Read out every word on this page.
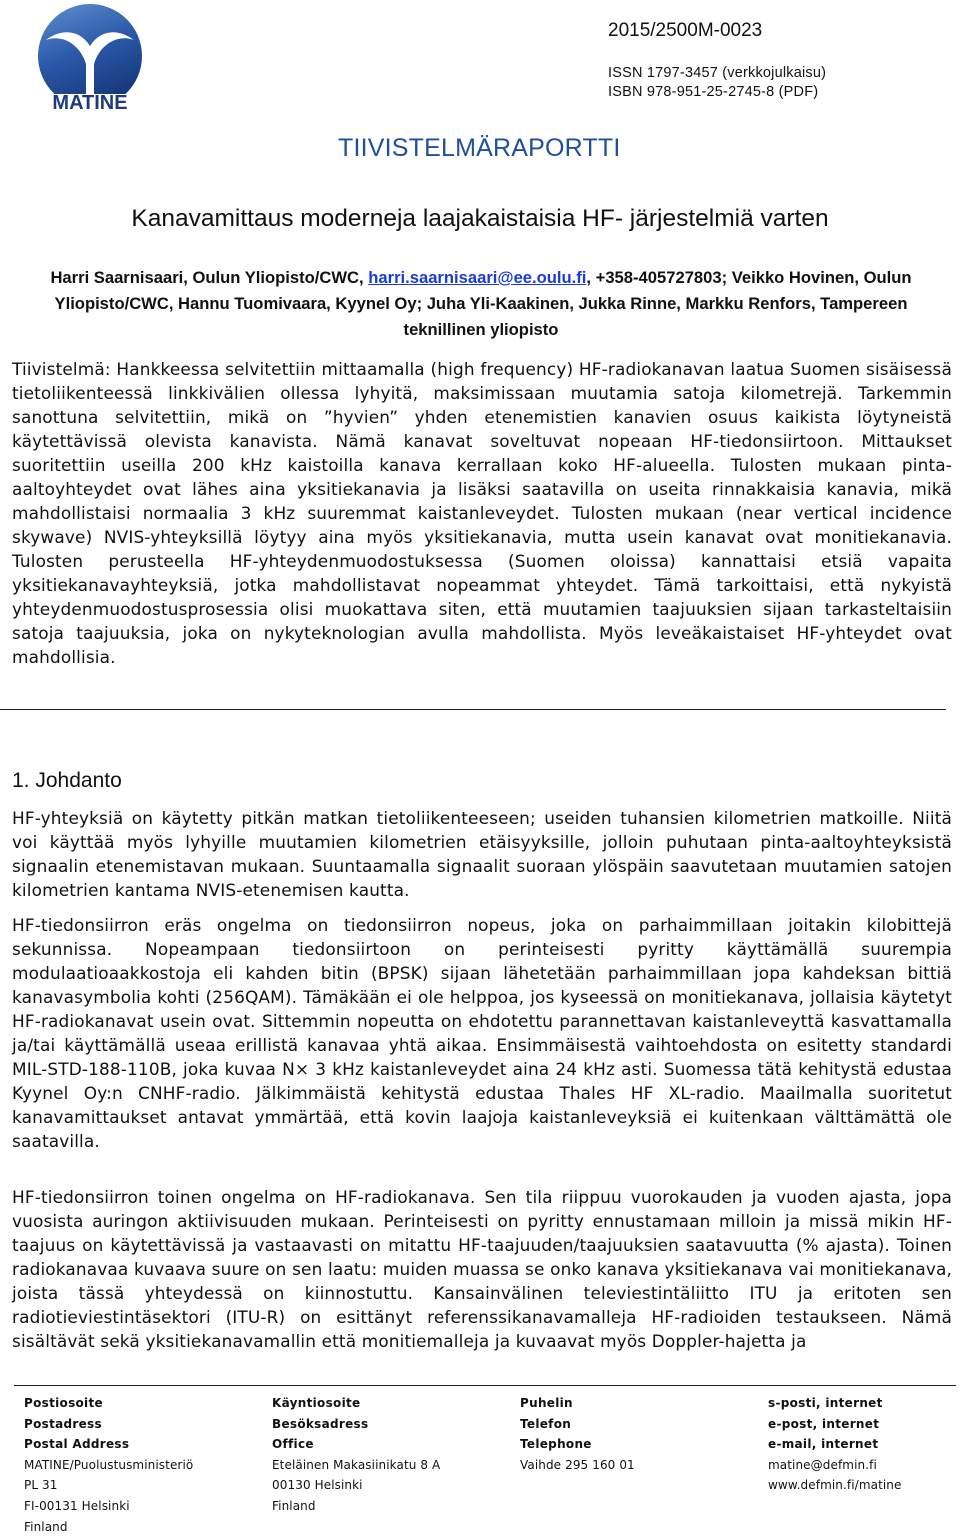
MATINE
2015/2500M-0023
ISSN 1797-3457 (verkkojulkaisu)
ISBN 978-951-25-2745-8 (PDF)
TIIVISTELMÄRAPORTTI
Kanavamittaus moderneja laajakaistaisia HF- järjestelmiä varten
Harri Saarnisaari, Oulun Yliopisto/CWC, harri.saarnisaari@ee.oulu.fi, +358-405727803; Veikko Hovinen, Oulun Yliopisto/CWC, Hannu Tuomivaara, Kyynel Oy; Juha Yli-Kaakinen, Jukka Rinne, Markku Renfors, Tampereen teknillinen yliopisto

Tiivistelmä: Hankkeessa selvitettiin mittaamalla (high frequency) HF-radiokanavan laatua Suomen sisäisessä tietoliikenteessä linkkivälien ollessa lyhyitä, maksimissaan muutamia satoja kilometrejä. Tarkemmin sanottuna selvitettiin, mikä on ”hyvien” yhden etenemistien kanavien osuus kaikista löytyneistä käytettävissä olevista kanavista. Nämä kanavat soveltuvat nopeaan HF-tiedonsiirtoon. Mittaukset suoritettiin useilla 200 kHz kaistoilla kanava kerrallaan koko HF-alueella. Tulosten mukaan pinta-aaltoyhteydet ovat lähes aina yksitiekanavia ja lisäksi saatavilla on useita rinnakkaisia kanavia, mikä mahdollistaisi normaalia 3 kHz suuremmat kaistanleveydet. Tulosten mukaan (near vertical incidence skywave) NVIS-yhteyksillä löytyy aina myös yksitiekanavia, mutta usein kanavat ovat monitiekanavia. Tulosten perusteella HF-yhteydenmuodostuksessa (Suomen oloissa) kannattaisi etsiä vapaita yksitiekanavayhteyksiä, jotka mahdollistavat nopeammat yhteydet. Tämä tarkoittaisi, että nykyistä yhteydenmuodostusprosessia olisi muokattava siten, että muutamien taajuuksien sijaan tarkasteltaisiin satoja taajuuksia, joka on nykyteknologian avulla mahdollista. Myös leveäkaistaiset HF-yhteydet ovat mahdollisia.

1. Johdanto

HF-yhteyksiä on käytetty pitkän matkan tietoliikenteeseen; useiden tuhansien kilometrien matkoille. Niitä voi käyttää myös lyhyille muutamien kilometrien etäisyyksille, jolloin puhutaan pinta-aaltoyhteyksistä signaalin etenemistavan mukaan. Suuntaamalla signaalit suoraan ylöspäin saavutetaan muutamien satojen kilometrien kantama NVIS-etenemisen kautta.

HF-tiedonsiirron eräs ongelma on tiedonsiirron nopeus, joka on parhaimmillaan joitakin kilobittejä sekunnissa. Nopeampaan tiedonsiirtoon on perinteisesti pyritty käyttämällä suurempia modulaatioaakkostoja eli kahden bitin (BPSK) sijaan lähetetään parhaimmillaan jopa kahdeksan bittiä kanavasymbolia kohti (256QAM). Tämäkään ei ole helppoa, jos kyseessä on monitiekanava, jollaisia käytetyt HF-radiokanavat usein ovat. Sittemmin nopeutta on ehdotettu parannettavan kaistanleveyttä kasvattamalla ja/tai käyttämällä useaa erillistä kanavaa yhtä aikaa. Ensimmäisestä vaihtoehdosta on esitetty standardi MIL-STD-188-110B, joka kuvaa N× 3 kHz kaistanleveydet aina 24 kHz asti. Suomessa tätä kehitystä edustaa Kyynel Oy:n CNHF-radio. Jälkimmäistä kehitystä edustaa Thales HF XL-radio. Maailmalla suoritetut kanavamittaukset antavat ymmärtää, että kovin laajoja kaistanleveyksiä ei kuitenkaan välttämättä ole saatavilla.

HF-tiedonsiirron toinen ongelma on HF-radiokanava. Sen tila riippuu vuorokauden ja vuoden ajasta, jopa vuosista auringon aktiivisuuden mukaan. Perinteisesti on pyritty ennustamaan milloin ja missä mikin HF-taajuus on käytettävissä ja vastaavasti on mitattu HF-taajuuden/taajuuksien saatavuutta (% ajasta). Toinen radiokanavaa kuvaava suure on sen laatu: muiden muassa se onko kanava yksitiekanava vai monitiekanava, joista tässä yhteydessä on kiinnostuttu. Kansainvälinen televiestintäliitto ITU ja eritoten sen radiotieviestintäsektori (ITU-R) on esittänyt referenssikanavamalleja HF-radioiden testaukseen. Nämä sisältävät sekä yksitiekanavamallin että monitiemalleja ja kuvaavat myös Doppler-hajetta ja

Postiosoite
Postadress
Postal Address
MATINE/Puolustusministeriö
PL 31
FI-00131 Helsinki
Finland
Käyntiosoite
Besöksadress
Office
Eteläinen Makasiinikatu 8 A
00130 Helsinki
Finland
Puhelin
Telefon
Telephone
Vaihde 295 160 01
s-posti, internet
e-post, internet
e-mail, internet
matine@defmin.fi
www.defmin.fi/matine
